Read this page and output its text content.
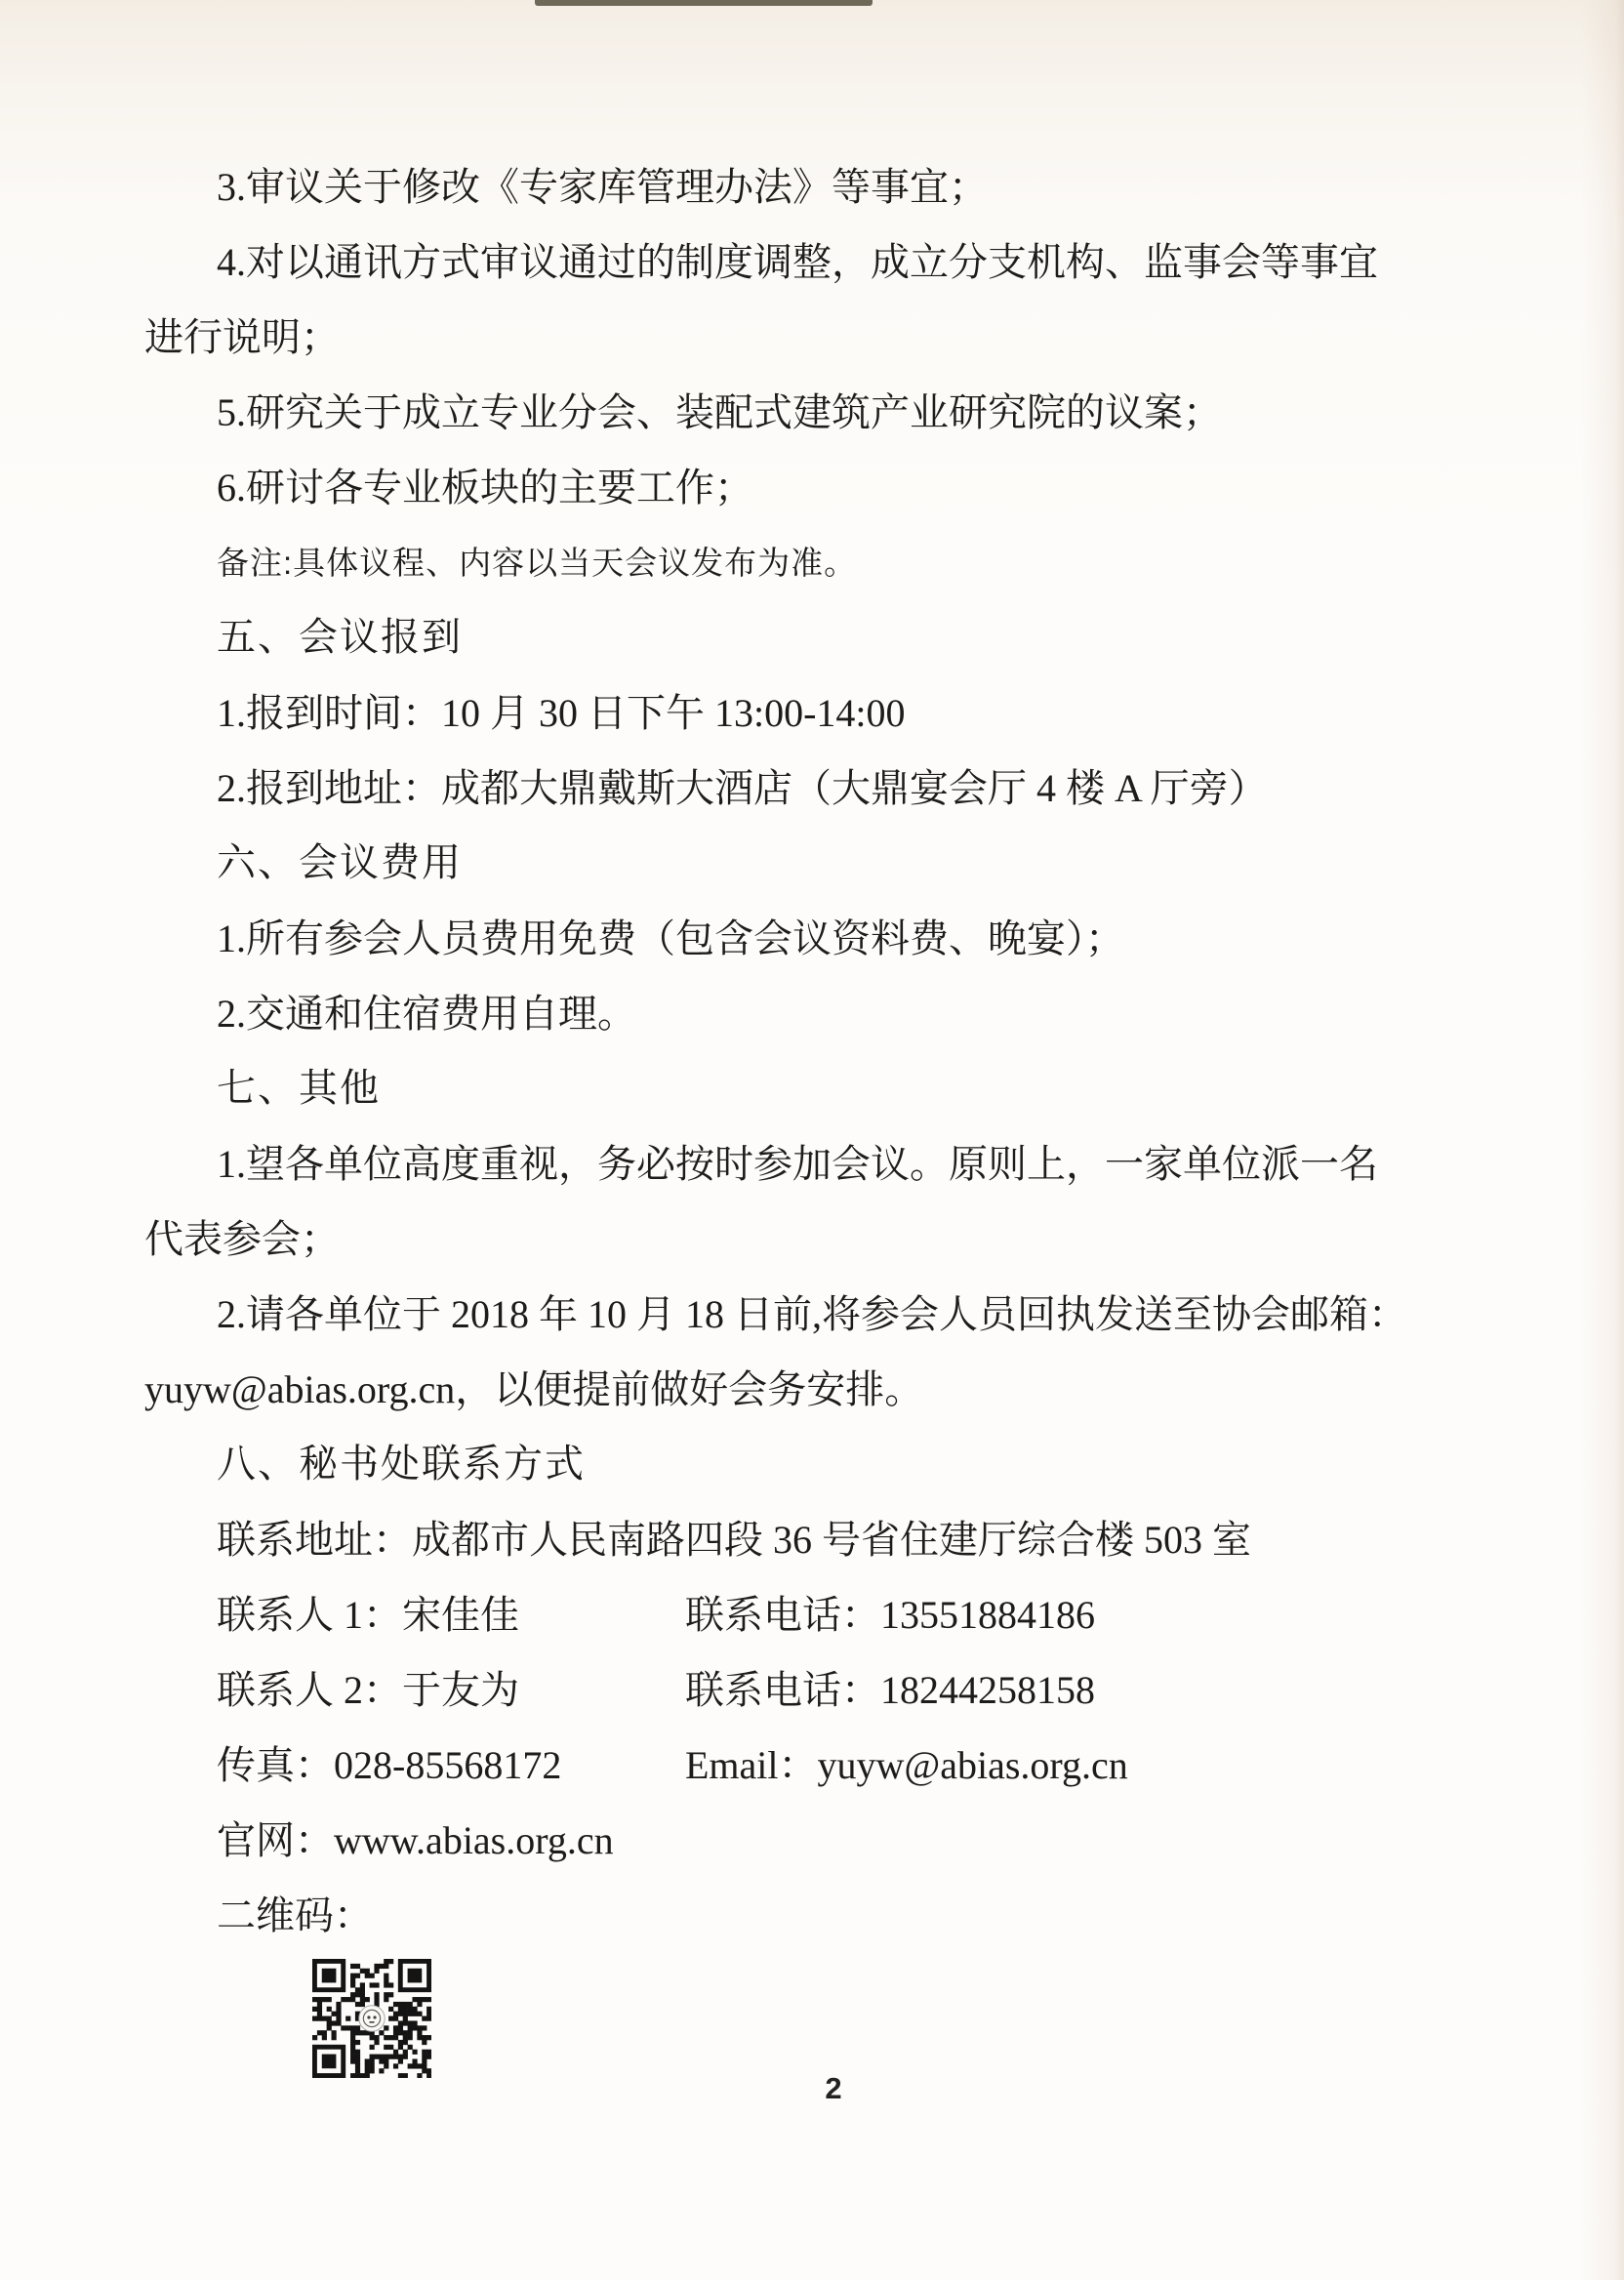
3.审议关于修改《专家库管理办法》等事宜；

4.对以通讯方式审议通过的制度调整，成立分支机构、监事会等事宜

进行说明；

5.研究关于成立专业分会、装配式建筑产业研究院的议案；

6.研讨各专业板块的主要工作；

备注:具体议程、内容以当天会议发布为准。

五、会议报到

1.报到时间：10 月 30 日下午 13:00-14:00

2.报到地址：成都大鼎戴斯大酒店（大鼎宴会厅 4 楼 A 厅旁）

六、会议费用

1.所有参会人员费用免费（包含会议资料费、晚宴）；

2.交通和住宿费用自理。

七、其他

1.望各单位高度重视，务必按时参加会议。原则上，一家单位派一名

代表参会；

2.请各单位于 2018 年 10 月 18 日前,将参会人员回执发送至协会邮箱：

yuyw@abias.org.cn，以便提前做好会务安排。

八、秘书处联系方式

联系地址：成都市人民南路四段 36 号省住建厅综合楼 503 室

联系人 1：宋佳佳	联系电话：13551884186

联系人 2：于友为	联系电话：18244258158

传真：028-85568172	Email：yuyw@abias.org.cn

官网：www.abias.org.cn

二维码：

2
